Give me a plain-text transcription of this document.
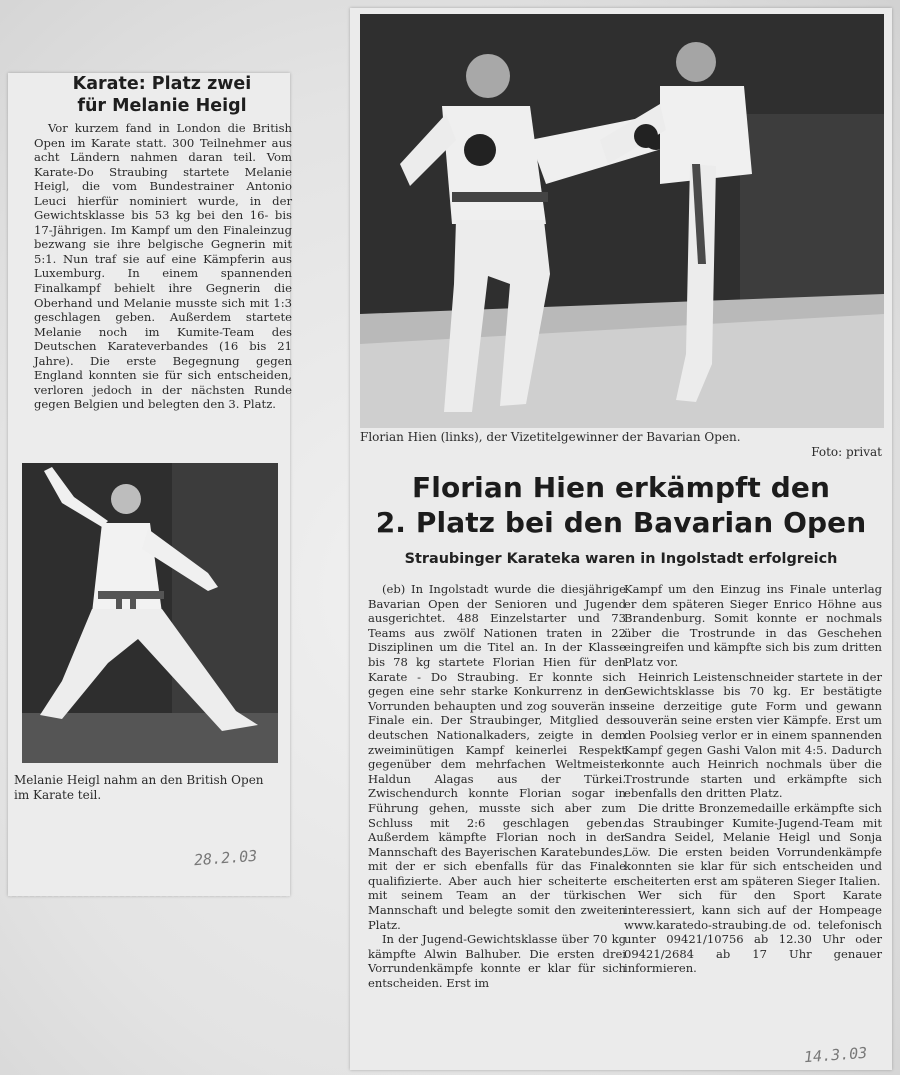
Karate: Platz zwei
für Melanie Heigl

Vor kurzem fand in London die British Open im Karate statt. 300 Teilnehmer aus acht Ländern nahmen daran teil. Vom Karate-Do Straubing startete Melanie Heigl, die vom Bundestrainer Antonio Leuci hierfür nominiert wurde, in der Gewichtsklasse bis 53 kg bei den 16- bis 17-Jährigen. Im Kampf um den Finaleinzug bezwang sie ihre belgische Gegnerin mit 5:1. Nun traf sie auf eine Kämpferin aus Luxemburg. In einem spannenden Finalkampf behielt ihre Gegnerin die Oberhand und Melanie musste sich mit 1:3 geschlagen geben. Außerdem startete Melanie noch im Kumite-Team des Deutschen Karateverbandes (16 bis 21 Jahre). Die erste Begegnung gegen England konnten sie für sich entscheiden, verloren jedoch in der nächsten Runde gegen Belgien und belegten den 3. Platz.

Melanie Heigl nahm an den British Open im Karate teil.
28.2.03
Florian Hien (links), der Vizetitelgewinner der Bavarian Open.
Foto: privat
Florian Hien erkämpft den
2. Platz bei den Bavarian Open
Straubinger Karateka waren in Ingolstadt erfolgreich

(eb) In Ingolstadt wurde die diesjährige Bavarian Open der Senioren und Jugend ausgerichtet. 488 Einzelstarter und 73 Teams aus zwölf Nationen traten in 22 Disziplinen um die Titel an. In der Klasse bis 78 kg startete Florian Hien für den Karate - Do Straubing. Er konnte sich gegen eine sehr starke Konkurrenz in den Vorrunden behaupten und zog souverän ins Finale ein. Der Straubinger, Mitglied des deutschen Nationalkaders, zeigte in dem zweiminütigen Kampf keinerlei Respekt gegenüber dem mehrfachen Weltmeister Haldun Alagas aus der Türkei. Zwischendurch konnte Florian sogar in Führung gehen, musste sich aber zum Schluss mit 2:6 geschlagen geben. Außerdem kämpfte Florian noch in der Mannschaft des Bayerischen Karatebundes, mit der er sich ebenfalls für das Finale qualifizierte. Aber auch hier scheiterte er mit seinem Team an der türkischen Mannschaft und belegte somit den zweiten Platz.

In der Jugend-Gewichtsklasse über 70 kg kämpfte Alwin Balhuber. Die ersten drei Vorrundenkämpfe konnte er klar für sich entscheiden. Erst im

Kampf um den Einzug ins Finale unterlag er dem späteren Sieger Enrico Höhne aus Brandenburg. Somit konnte er nochmals über die Trostrunde in das Geschehen eingreifen und kämpfte sich bis zum dritten Platz vor.

Heinrich Leistenschneider startete in der Gewichtsklasse bis 70 kg. Er bestätigte seine derzeitige gute Form und gewann souverän seine ersten vier Kämpfe. Erst um den Poolsieg verlor er in einem spannenden Kampf gegen Gashi Valon mit 4:5. Dadurch konnte auch Heinrich nochmals über die Trostrunde starten und erkämpfte sich ebenfalls den dritten Platz.

Die dritte Bronzemedaille erkämpfte sich das Straubinger Kumite-Jugend-Team mit Sandra Seidel, Melanie Heigl und Sonja Löw. Die ersten beiden Vorrundenkämpfe konnten sie klar für sich entscheiden und scheiterten erst am späteren Sieger Italien.

Wer sich für den Sport Karate interessiert, kann sich auf der Hompeage www.karatedo-straubing.de od. telefonisch unter 09421/10756 ab 12.30 Uhr oder 09421/2684 ab 17 Uhr genauer informieren.

14.3.03
